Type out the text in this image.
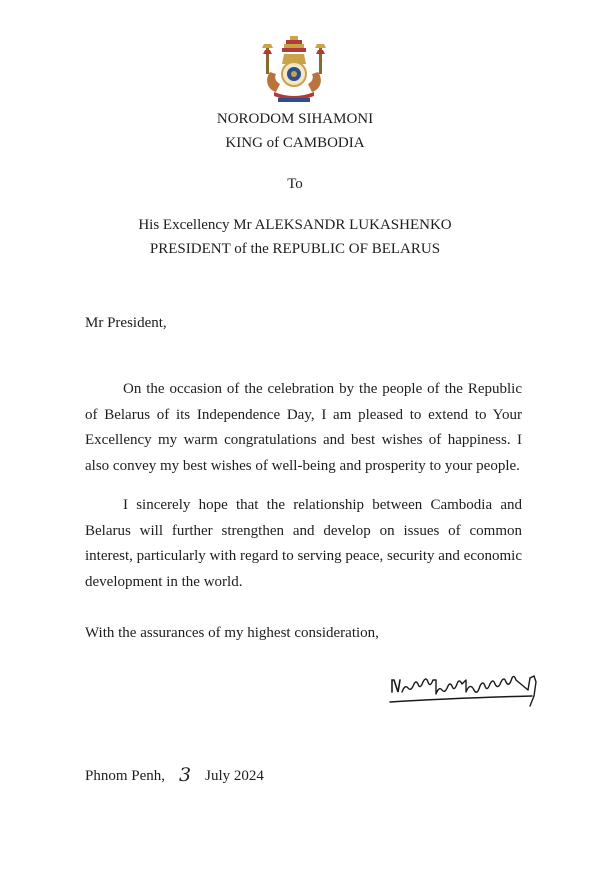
NORODOM SIHAMONI
KING of CAMBODIA
To
His Excellency Mr ALEKSANDR LUKASHENKO
PRESIDENT of the REPUBLIC OF BELARUS
Mr President,

On the occasion of the celebration by the people of the Republic of Belarus of its Independence Day, I am pleased to extend to Your Excellency my warm congratulations and best wishes of happiness. I also convey my best wishes of well-being and prosperity to your people.

I sincerely hope that the relationship between Cambodia and Belarus will further strengthen and develop on issues of common interest, particularly with regard to serving peace, security and economic development in the world.

With the assurances of my highest consideration,
Phnom Penh, 3 July 2024
